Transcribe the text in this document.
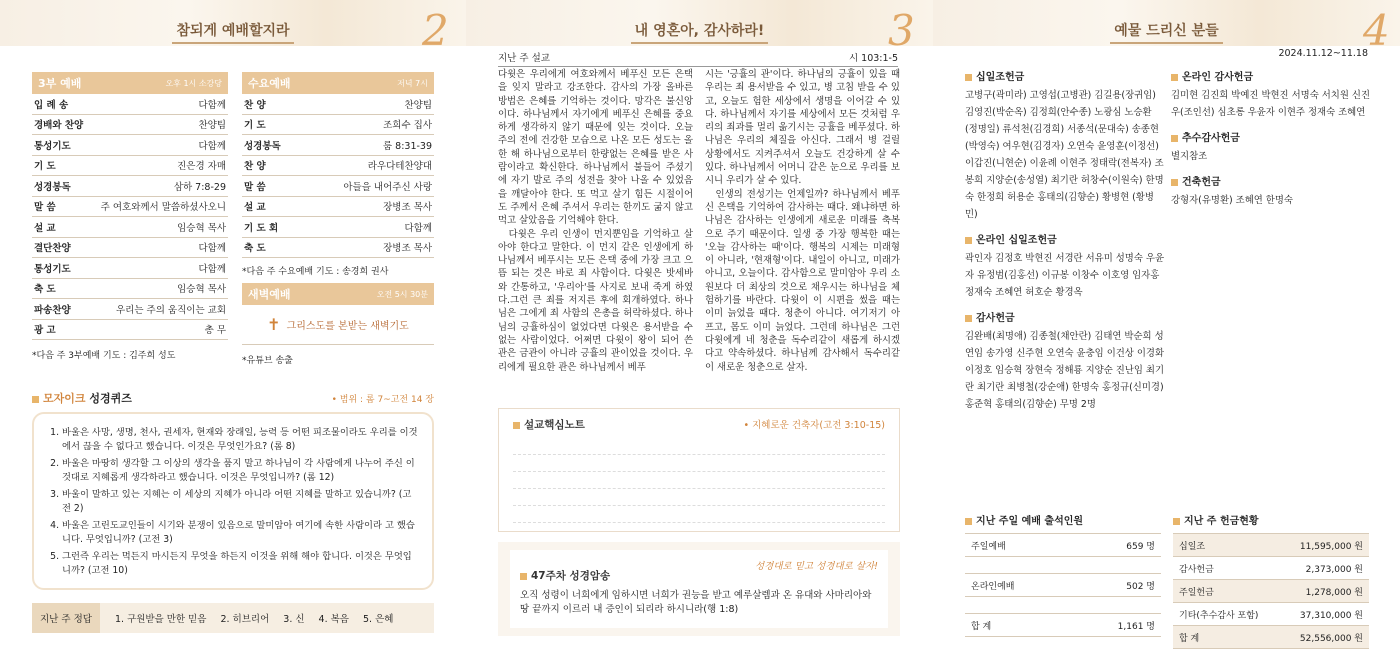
참되게 예배할지라	2
3부 예배	오후 1시 소강당
입 례 송	다함께
경배와 찬양	찬양팀
통성기도	다함께
기 도	진은경 자매
성경봉독	삼하 7:8-29
말 씀	주 여호와께서 말씀하셨사오니
설 교	임승혁 목사
결단찬양	다함께
통성기도	다함께
축 도	임승혁 목사
파송찬양	우리는 주의 움직이는 교회
광 고	총 무
*다음 주 3부예배 기도 : 김주희 성도
수요예배	저녁 7시
찬 양	찬양팀
기 도	조희수 집사
성경봉독	룸 8:31-39
찬 양	라우다테찬양대
말 씀	아들을 내어주신 사랑
설 교	장병조 목사
기 도 회	다함께
축 도	장병조 목사
*다음 주 수요예배 기도 : 송경희 권사
새벽예배	오전 5시 30분
✝ 그리스도를 본받는 새벽기도
*유튜브 송출
모자이크 성경퀴즈	• 범위 : 롬 7~고전 14 장
1. 바울은 사망, 생명, 천사, 권세자, 현재와 장래일, 능력 등 어떤 피조물이라도 우리를 이것에서 끊을 수 없다고 했습니다. 이것은 무엇인가요? (롬 8)
2. 바울은 마땅히 생각할 그 이상의 생각을 품지 말고 하나님이 각 사람에게 나누어 주신 이것대로 지혜롭게 생각하라고 했습니다. 이것은 무엇입니까? (롬 12)
3. 바울이 말하고 있는 지혜는 이 세상의 지혜가 아니라 어떤 지혜를 말하고 있습니까? (고전 2)
4. 바울은 고린도교인들이 시기와 분쟁이 있음으로 말미암아 여기에 속한 사람이라 고 했습니다. 무엇입니까? (고전 3)
5. 그런즉 우리는 먹든지 마시든지 무엇을 하든지 이것을 위해 해야 합니다. 이것은 무엇입니까? (고전 10)
지난 주 정답	1. 구원받을 만한 믿음 2. 히브리어 3. 신 4. 복음 5. 은혜
내 영혼아, 감사하라!	3
지난 주 설교	시 103:1-5
다윗은 우리에게 여호와께서 베푸신 모든 은택을 잊지 말라고 강조한다. 감사의 가장 올바른 방법은 은혜를 기억하는 것이다. 망각은 불신앙이다. 하나님께서 자기에게 베푸신 은혜를 중요하게 생각하지 않기 때문에 잊는 것이다. 오늘 주의 전에 건강한 모습으로 나온 모든 성도는 올 한 해 하나님으로부터 한량없는 은혜를 받은 사람이라고 확신한다. 하나님께서 불들어 주셨기에 자기 발로 주의 성전을 찾아 나올 수 있었음을 깨달아야 한다. 또 먹고 살기 힘든 시절이어도 주께서 은혜 주셔서 우리는 한끼도 굶지 않고 먹고 살았음을 기억해야 한다.
　다윗은 우리 인생이 먼지뿐임을 기억하고 살아야 한다고 말한다. 이 먼지 같은 인생에게 하나님께서 베푸시는 모든 은택 중에 가장 크고 으뜸 되는 것은 바로 죄 사함이다. 다윗은 밧세바와 간통하고, '우리아'를 사지로 보내 죽게 하였다.그런 큰 죄를 저지른 후에 회개하였다. 하나님은 그에게 죄 사함의 은총을 허락하셨다. 하나님의 긍휼하심이 없었다면 다윗은 용서받을 수 없는 사람이었다. 어쩌면 다윗이 왕이 되어 쓴 관은 금관이 아니라 긍휼의 관이었을 것이다. 우리에게 필요한 관은 하나님께서 베푸
시는 '긍휼의 관'이다. 하나님의 긍휼이 있을 때 우리는 죄 용서받을 수 있고, 병 고침 받을 수 있고, 오늘도 험한 세상에서 생명을 이어갈 수 있다. 하나님께서 자기를 세상에서 모든 것처럼 우리의 죄과를 멀리 옮기시는 긍휼을 베푸셨다. 하나님은 우리의 체질을 아신다. 그래서 병 걸릴 상황에서도 지켜주셔서 오늘도 건강하게 살 수 있다. 하나님께서 어머니 같은 눈으로 우리를 보시니 우리가 살 수 있다.
　인생의 전성기는 언제일까? 하나님께서 베푸신 은택을 기억하여 감사하는 때다. 왜냐하면 하나님은 감사하는 인생에게 새로운 미래를 축복으로 주기 때문이다. 일생 중 가장 행복한 때는 '오늘 감사하는 때'이다. 행복의 시제는 미래형이 아니라, '현재형'이다. 내일이 아니고, 미래가 아니고, 오늘이다. 감사함으로 말미암아 우리 소원보다 더 최상의 것으로 채우시는 하나님을 체험하기를 바란다. 다윗이 이 시편을 썼을 때는 이미 늙었을 때다. 청춘이 아니다. 여기저기 아프고, 몸도 이미 늙었다. 그런데 하나님은 그런 다윗에게 네 청춘을 독수리같이 새롭게 하시겠다고 약속하셨다. 하나님께 감사해서 독수리같이 새로운 청춘으로 살자.
설교핵심노트	• 지혜로운 건축자(고전 3:10-15)
47주차 성경암송
성경대로 믿고 성경대로 살자!
오직 성령이 너희에게 임하시면 너희가 권능을 받고 예루살렘과 온 유대와 사마리아와 땅 끝까지 이르러 내 증인이 되리라 하시니라(행 1:8)
예물 드리신 분들	4
2024.11.12~11.18
십일조헌금
고병구(곽미라) 고영섭(고병관) 김길용(장귀임) 김영진(박순옥) 김정희(안수종) 노광심 노승환 (정명일) 류석천(김경희) 서종석(문대숙) 송종현 (박영숙) 여우현(김경자) 오연숙 윤영훈(이정선) 이갑진(니현순) 이윤례 이현주 정태락(전복자) 조봉희 지양순(송성열) 최기란 허창수(이원숙) 한명숙 한정희 허용순 홍태의(김향순) 황병현 (황병민)
온라인 십일조헌금
곽인자 김정호 박현진 서경란 서유미 성명숙 우윤자 유정범(김홍선) 이규봉 이창수 이호영 임자홍 정재숙 조혜연 허호순 황경옥
감사헌금
김완배(최명애) 김종철(채안란) 김태연 박순희 성연임 송가영 신주현 오연숙 윤충임 이건상 이경화 이정호 임승혁 장현숙 정해룡 지양순 진난임 최기란 최기란 최병철(강순애) 한명숙 홍정규(신미경) 홍준혁 홍태의(김향순) 무명 2명
온라인 감사헌금
김미현 김진희 박예진 박현진 서명숙 서치원 신진우(조인선) 심초롱 우윤자 이현주 정재숙 조혜연
추수감사헌금
별지참조
건축헌금
강형자(유명환) 조혜연 한명숙
지난 주일 예배 출석인원
주일예배	659 명
온라인예배	502 명
합 계	1,161 명
지난 주 헌금현황
십일조	11,595,000 원
감사헌금	2,373,000 원
주일헌금	1,278,000 원
기타(추수감사 포함)	37,310,000 원
합 계	52,556,000 원
